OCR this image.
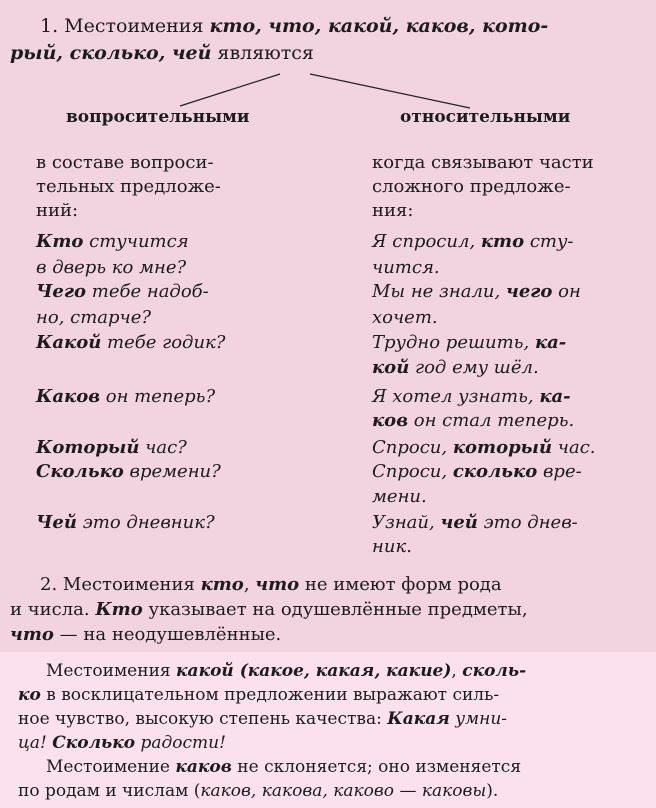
1. Местоимения кто, что, какой, каков, кото-
рый, сколько, чей являются
вопросительными	относительными
в составе вопроси-
тельных предложе-
ний:
когда связывают части
сложного предложе-
ния:
Кто стучится
в дверь ко мне?
Чего тебе надоб-
но, старче?
Какой тебе годик?
Каков он теперь?
Который час?
Сколько времени?
Чей это дневник?
Я спросил, кто сту-
чится.
Мы не знали, чего он
хочет.
Трудно решить, ка-
кой год ему шёл.
Я хотел узнать, ка-
ков он стал теперь.
Спроси, который час.
Спроси, сколько вре-
мени.
Узнай, чей это днев-
ник.
2. Местоимения кто, что не имеют форм рода
и числа. Кто указывает на одушевлённые предметы,
что — на неодушевлённые.
Местоимения какой (какое, какая, какие), сколь-
ко в восклицательном предложении выражают силь-
ное чувство, высокую степень качества: Какая умни-
ца! Сколько радости!
Местоимение каков не склоняется; оно изменяется
по родам и числам (каков, какова, каково — каковы).
